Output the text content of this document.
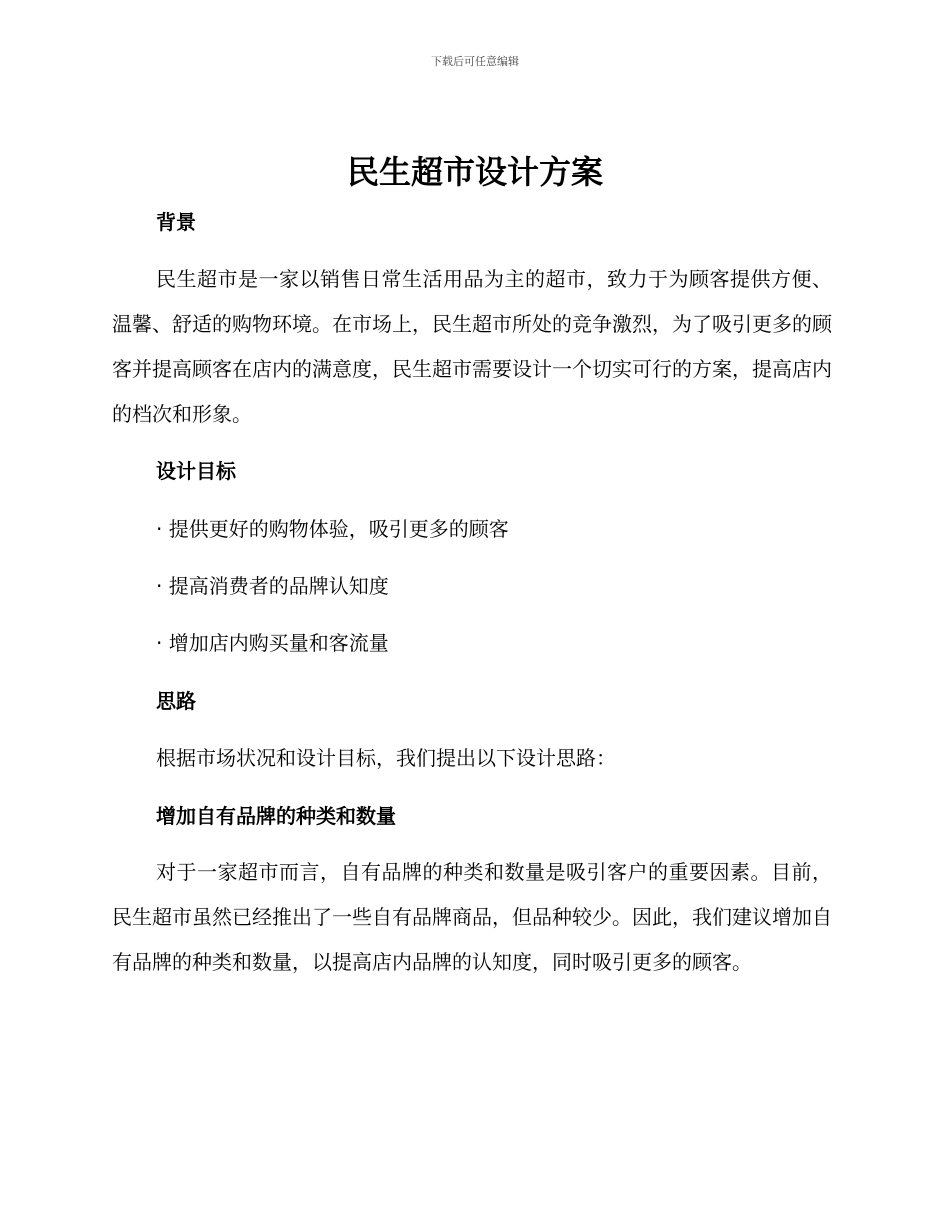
下载后可任意编辑
民生超市设计方案
背景
民生超市是一家以销售日常生活用品为主的超市，致力于为顾客提供方便、温馨、舒适的购物环境。在市场上，民生超市所处的竞争激烈，为了吸引更多的顾客并提高顾客在店内的满意度，民生超市需要设计一个切实可行的方案，提高店内的档次和形象。
设计目标
· 提供更好的购物体验，吸引更多的顾客
· 提高消费者的品牌认知度
· 增加店内购买量和客流量
思路
根据市场状况和设计目标，我们提出以下设计思路：
增加自有品牌的种类和数量
对于一家超市而言，自有品牌的种类和数量是吸引客户的重要因素。目前，民生超市虽然已经推出了一些自有品牌商品，但品种较少。因此，我们建议增加自有品牌的种类和数量，以提高店内品牌的认知度，同时吸引更多的顾客。
